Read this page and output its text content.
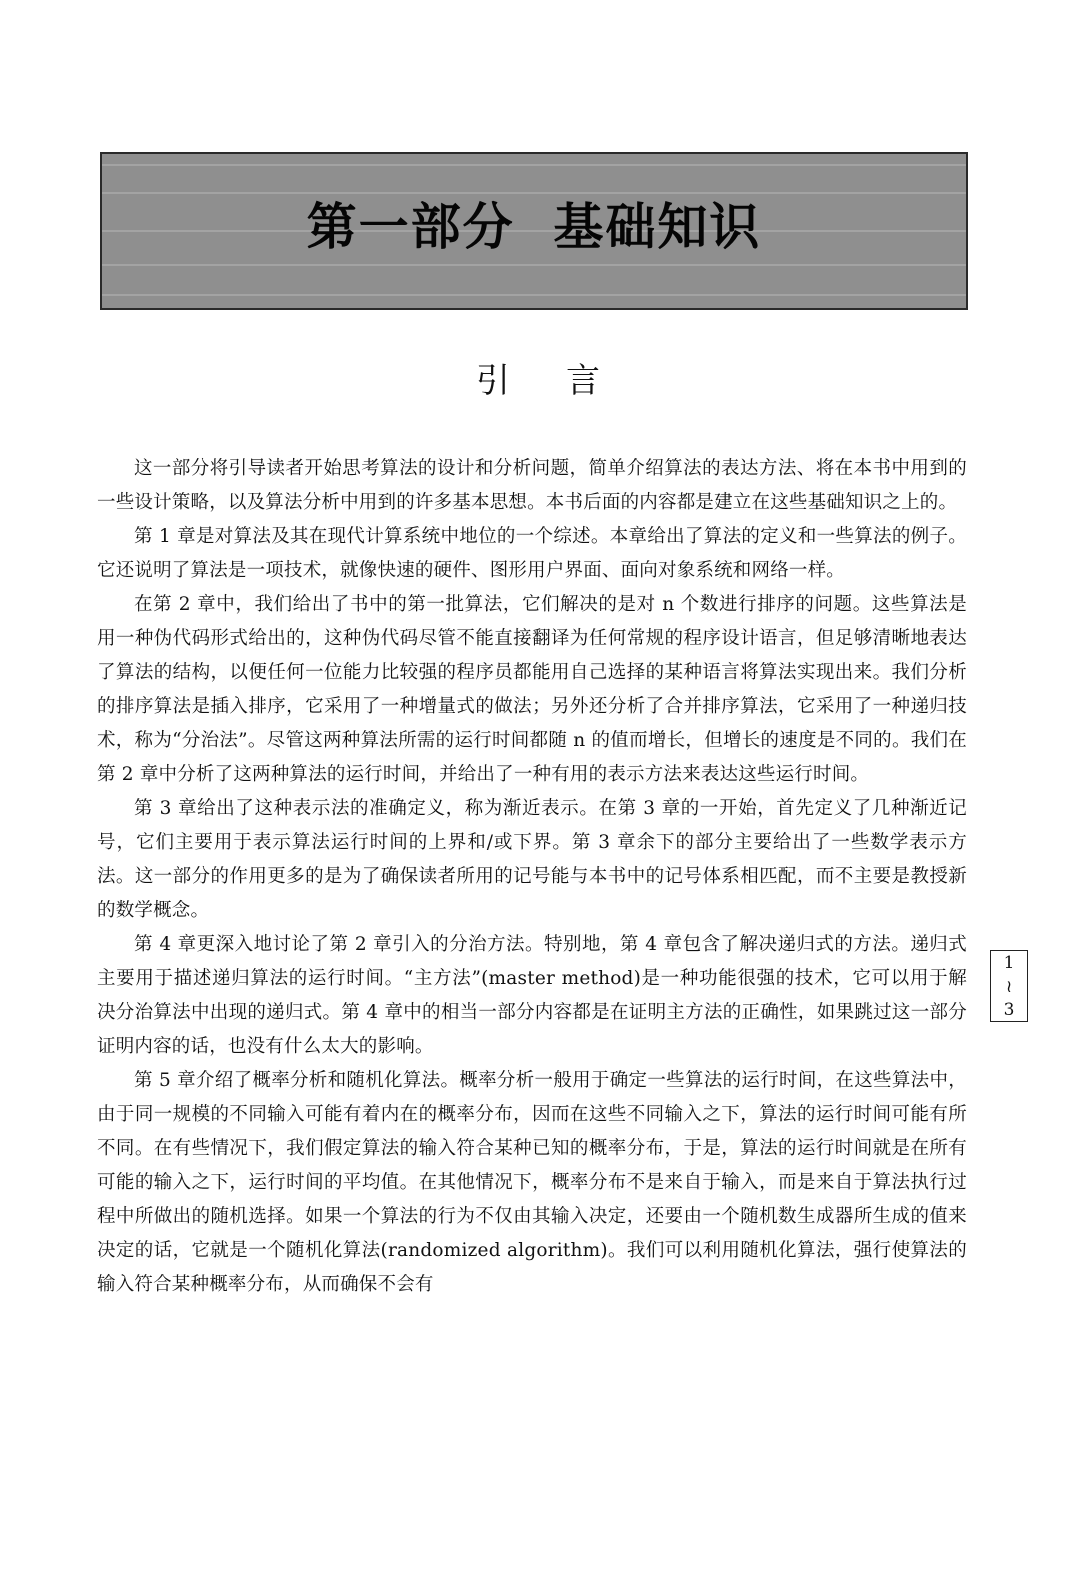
第一部分  基础知识
引言

这一部分将引导读者开始思考算法的设计和分析问题，简单介绍算法的表达方法、将在本书中用到的一些设计策略，以及算法分析中用到的许多基本思想。本书后面的内容都是建立在这些基础知识之上的。

第 1 章是对算法及其在现代计算系统中地位的一个综述。本章给出了算法的定义和一些算法的例子。它还说明了算法是一项技术，就像快速的硬件、图形用户界面、面向对象系统和网络一样。

在第 2 章中，我们给出了书中的第一批算法，它们解决的是对 n 个数进行排序的问题。这些算法是用一种伪代码形式给出的，这种伪代码尽管不能直接翻译为任何常规的程序设计语言，但足够清晰地表达了算法的结构，以便任何一位能力比较强的程序员都能用自己选择的某种语言将算法实现出来。我们分析的排序算法是插入排序，它采用了一种增量式的做法；另外还分析了合并排序算法，它采用了一种递归技术，称为“分治法”。尽管这两种算法所需的运行时间都随 n 的值而增长，但增长的速度是不同的。我们在第 2 章中分析了这两种算法的运行时间，并给出了一种有用的表示方法来表达这些运行时间。

第 3 章给出了这种表示法的准确定义，称为渐近表示。在第 3 章的一开始，首先定义了几种渐近记号，它们主要用于表示算法运行时间的上界和/或下界。第 3 章余下的部分主要给出了一些数学表示方法。这一部分的作用更多的是为了确保读者所用的记号能与本书中的记号体系相匹配，而不主要是教授新的数学概念。

第 4 章更深入地讨论了第 2 章引入的分治方法。特别地，第 4 章包含了解决递归式的方法。递归式主要用于描述递归算法的运行时间。“主方法”(master method)是一种功能很强的技术，它可以用于解决分治算法中出现的递归式。第 4 章中的相当一部分内容都是在证明主方法的正确性，如果跳过这一部分证明内容的话，也没有什么太大的影响。

第 5 章介绍了概率分析和随机化算法。概率分析一般用于确定一些算法的运行时间，在这些算法中，由于同一规模的不同输入可能有着内在的概率分布，因而在这些不同输入之下，算法的运行时间可能有所不同。在有些情况下，我们假定算法的输入符合某种已知的概率分布，于是，算法的运行时间就是在所有可能的输入之下，运行时间的平均值。在其他情况下，概率分布不是来自于输入，而是来自于算法执行过程中所做出的随机选择。如果一个算法的行为不仅由其输入决定，还要由一个随机数生成器所生成的值来决定的话，它就是一个随机化算法(randomized algorithm)。我们可以利用随机化算法，强行使算法的输入符合某种概率分布，从而确保不会有

1
≀
3
